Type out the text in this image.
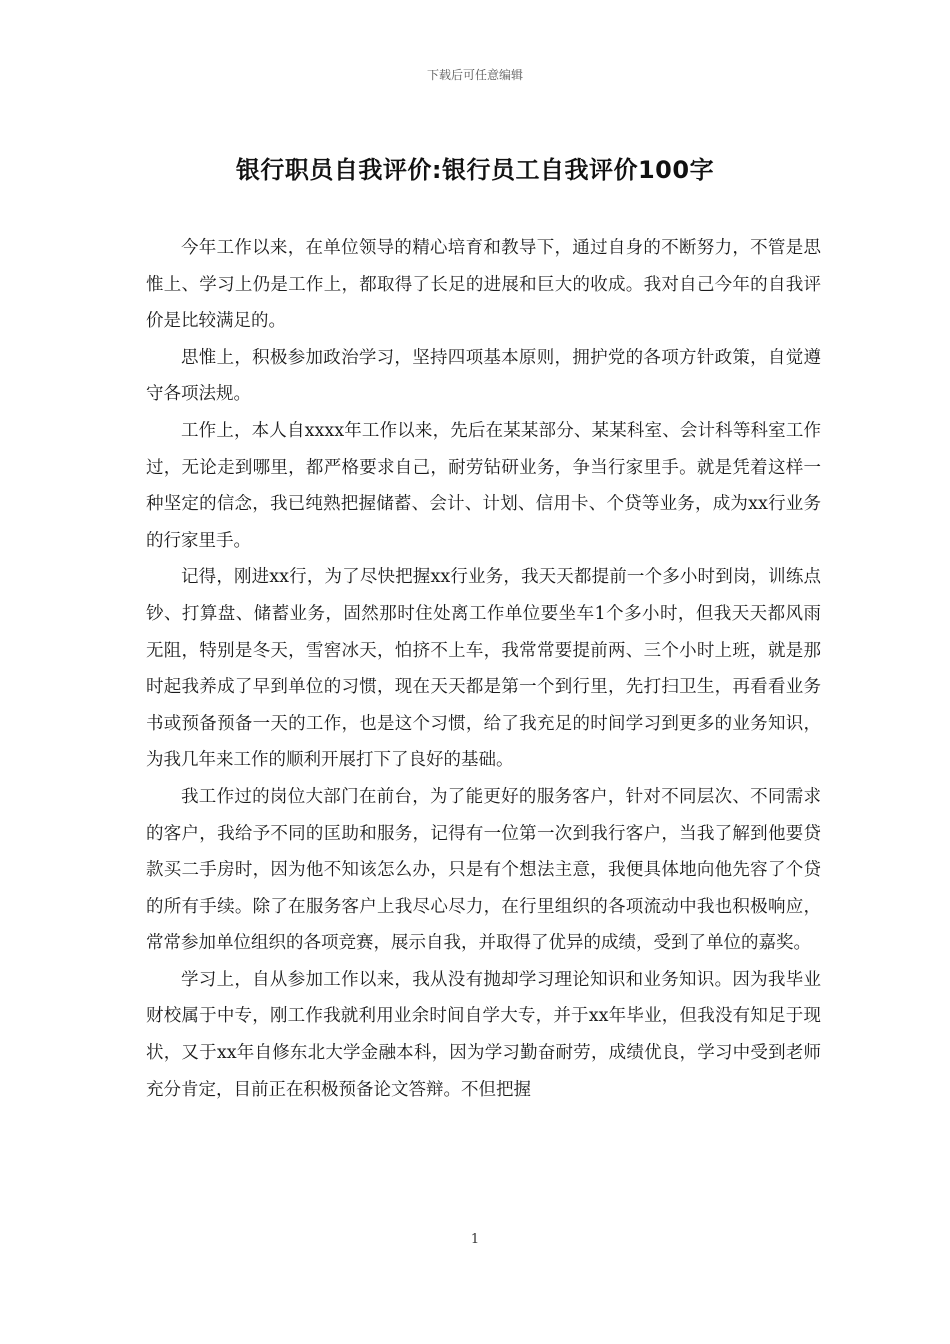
下载后可任意编辑
银行职员自我评价:银行员工自我评价100字

今年工作以来，在单位领导的精心培育和教导下，通过自身的不断努力，不管是思惟上、学习上仍是工作上，都取得了长足的进展和巨大的收成。我对自己今年的自我评价是比较满足的。

思惟上，积极参加政治学习，坚持四项基本原则，拥护党的各项方针政策，自觉遵守各项法规。

工作上，本人自xxxx年工作以来，先后在某某部分、某某科室、会计科等科室工作过，无论走到哪里，都严格要求自己，耐劳钻研业务，争当行家里手。就是凭着这样一种坚定的信念，我已纯熟把握储蓄、会计、计划、信用卡、个贷等业务，成为xx行业务的行家里手。

记得，刚进xx行，为了尽快把握xx行业务，我天天都提前一个多小时到岗，训练点钞、打算盘、储蓄业务，固然那时住处离工作单位要坐车1个多小时，但我天天都风雨无阻，特别是冬天，雪窖冰天，怕挤不上车，我常常要提前两、三个小时上班，就是那时起我养成了早到单位的习惯，现在天天都是第一个到行里，先打扫卫生，再看看业务书或预备预备一天的工作，也是这个习惯，给了我充足的时间学习到更多的业务知识，为我几年来工作的顺利开展打下了良好的基础。

我工作过的岗位大部门在前台，为了能更好的服务客户，针对不同层次、不同需求的客户，我给予不同的匡助和服务，记得有一位第一次到我行客户，当我了解到他要贷款买二手房时，因为他不知该怎么办，只是有个想法主意，我便具体地向他先容了个贷的所有手续。除了在服务客户上我尽心尽力，在行里组织的各项流动中我也积极响应，常常参加单位组织的各项竞赛，展示自我，并取得了优异的成绩，受到了单位的嘉奖。

学习上，自从参加工作以来，我从没有抛却学习理论知识和业务知识。因为我毕业财校属于中专，刚工作我就利用业余时间自学大专，并于xx年毕业，但我没有知足于现状，又于xx年自修东北大学金融本科，因为学习勤奋耐劳，成绩优良，学习中受到老师充分肯定，目前正在积极预备论文答辩。不但把握

1
